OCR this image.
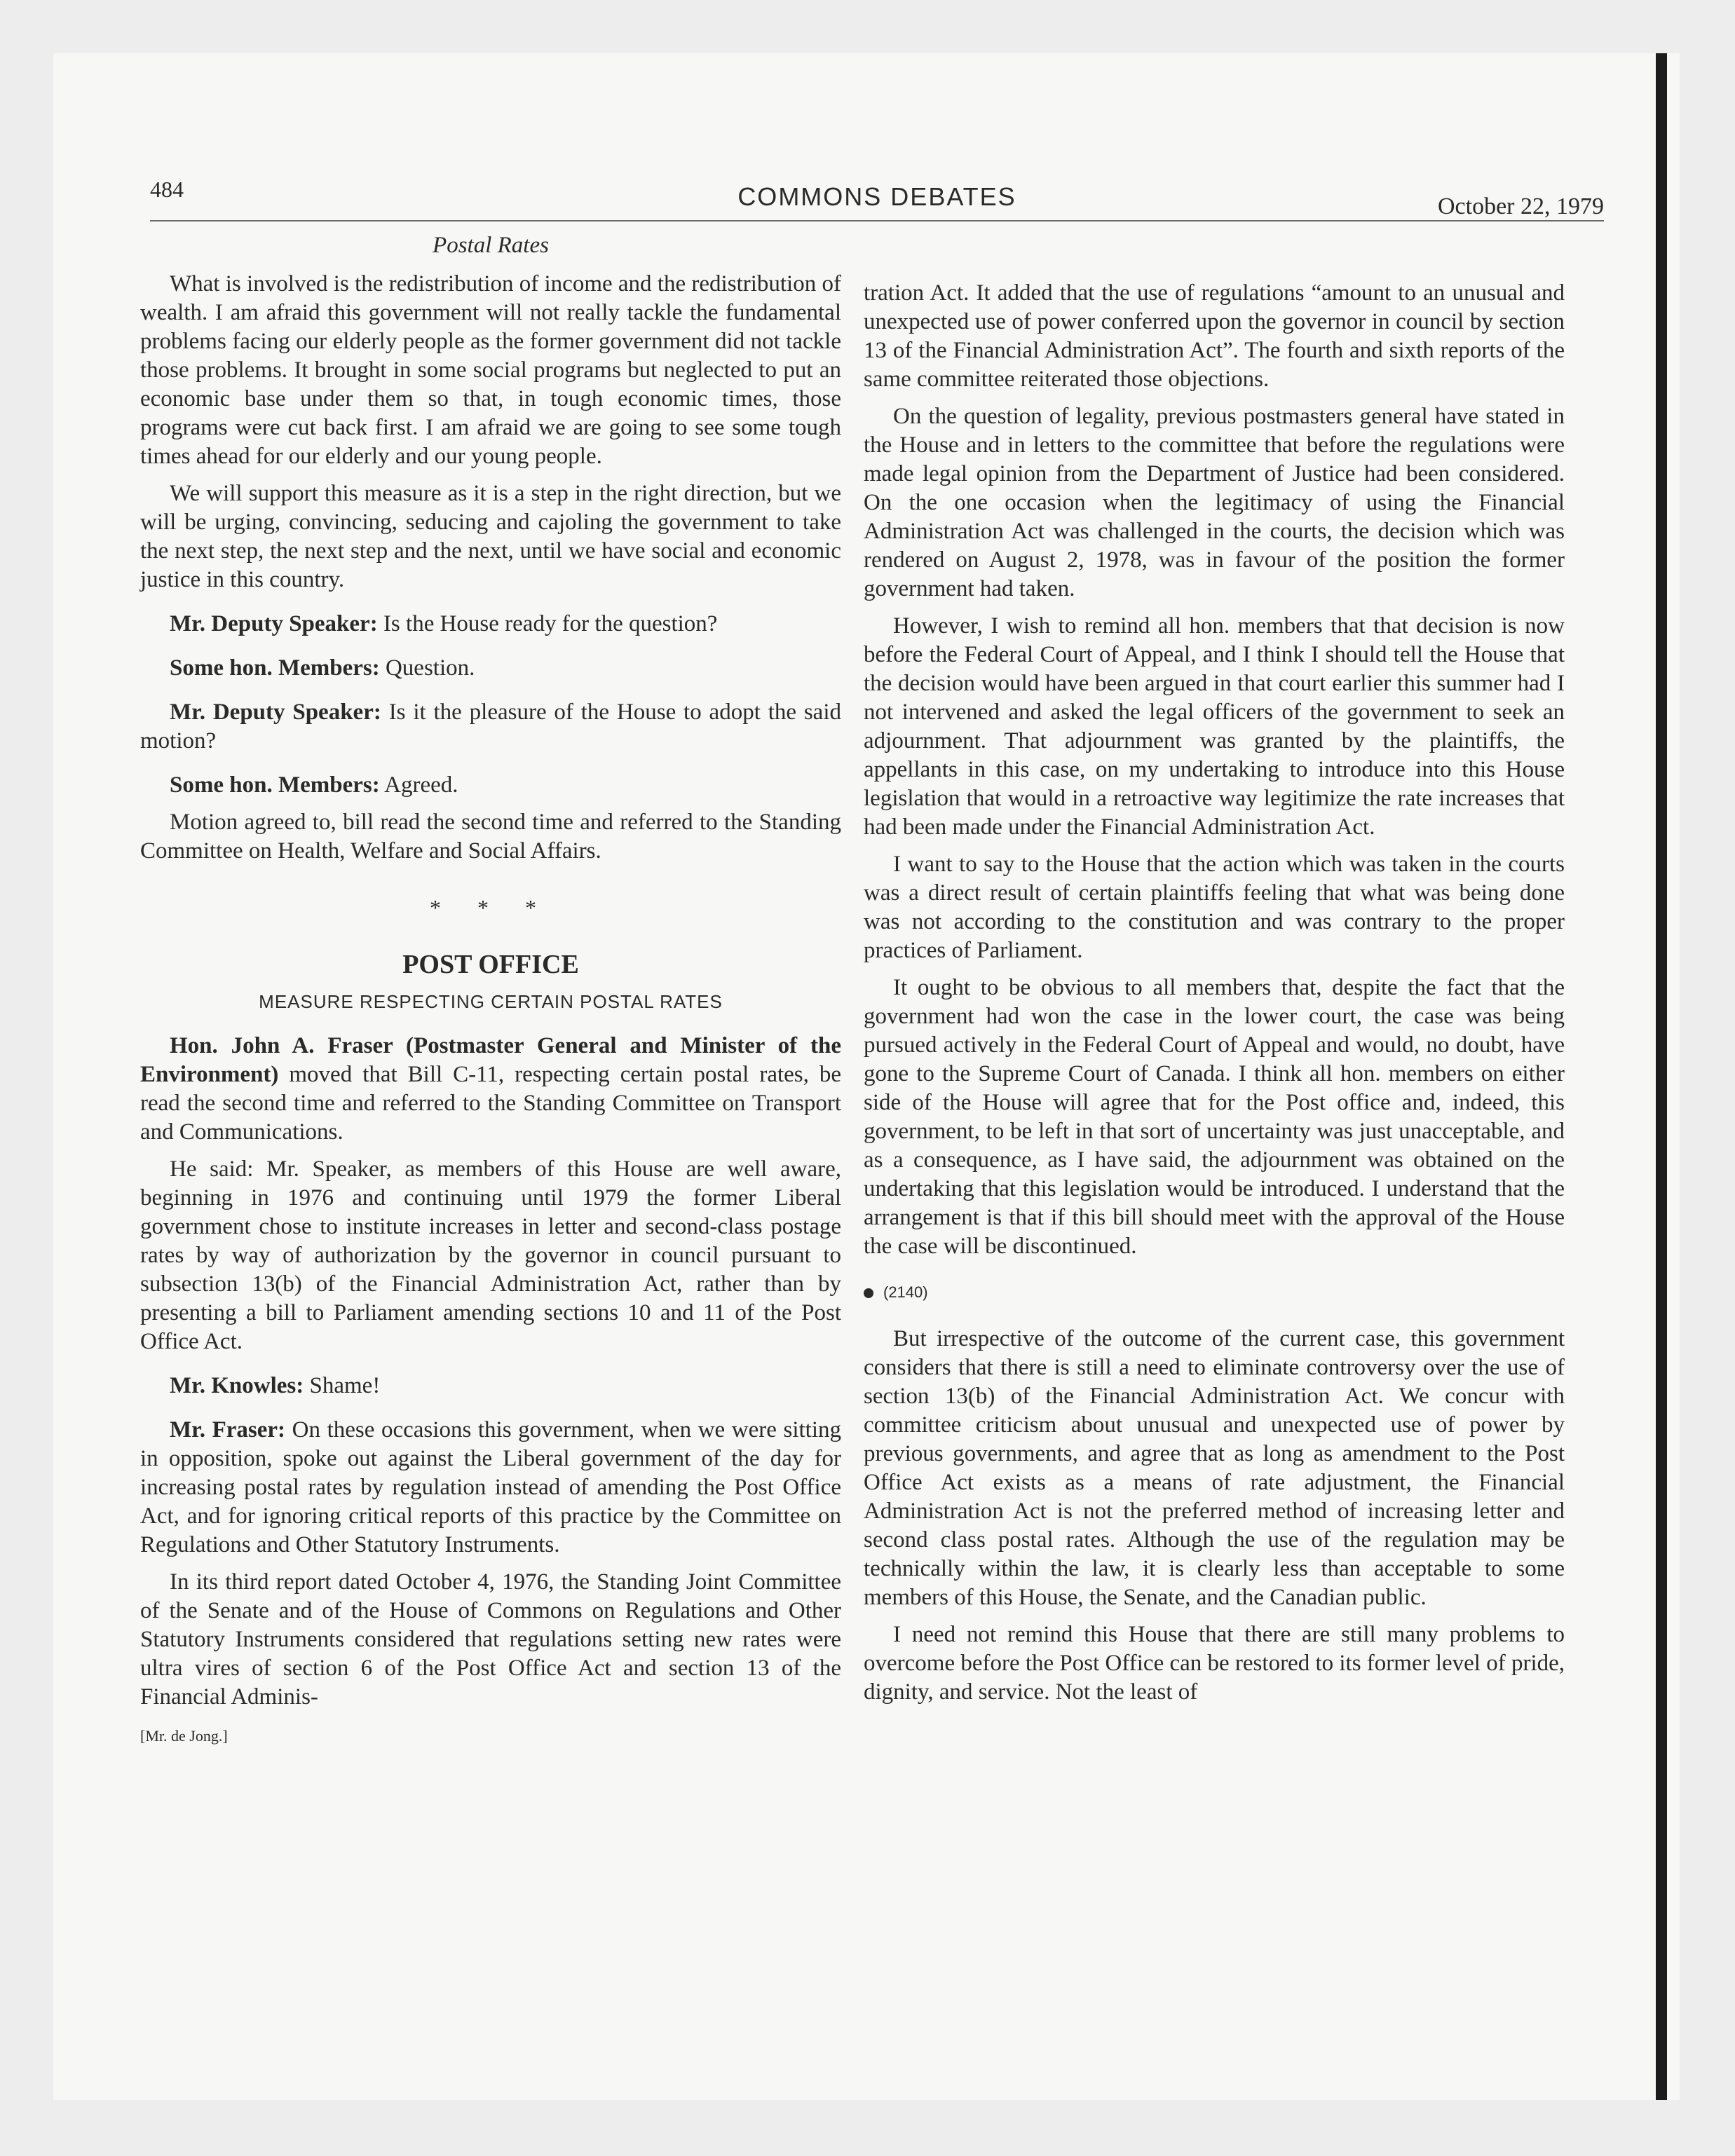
484	COMMONS DEBATES	October 22, 1979
Postal Rates

What is involved is the redistribution of income and the redistribution of wealth. I am afraid this government will not really tackle the fundamental problems facing our elderly people as the former government did not tackle those problems. It brought in some social programs but neglected to put an economic base under them so that, in tough economic times, those programs were cut back first. I am afraid we are going to see some tough times ahead for our elderly and our young people.

We will support this measure as it is a step in the right direction, but we will be urging, convincing, seducing and cajoling the government to take the next step, the next step and the next, until we have social and economic justice in this country.

Mr. Deputy Speaker: Is the House ready for the question?

Some hon. Members: Question.

Mr. Deputy Speaker: Is it the pleasure of the House to adopt the said motion?

Some hon. Members: Agreed.

Motion agreed to, bill read the second time and referred to the Standing Committee on Health, Welfare and Social Affairs.

* * *
POST OFFICE
MEASURE RESPECTING CERTAIN POSTAL RATES

Hon. John A. Fraser (Postmaster General and Minister of the Environment) moved that Bill C-11, respecting certain postal rates, be read the second time and referred to the Standing Committee on Transport and Communications.

He said: Mr. Speaker, as members of this House are well aware, beginning in 1976 and continuing until 1979 the former Liberal government chose to institute increases in letter and second-class postage rates by way of authorization by the governor in council pursuant to subsection 13(b) of the Financial Administration Act, rather than by presenting a bill to Parliament amending sections 10 and 11 of the Post Office Act.

Mr. Knowles: Shame!

Mr. Fraser: On these occasions this government, when we were sitting in opposition, spoke out against the Liberal government of the day for increasing postal rates by regulation instead of amending the Post Office Act, and for ignoring critical reports of this practice by the Committee on Regulations and Other Statutory Instruments.

In its third report dated October 4, 1976, the Standing Joint Committee of the Senate and of the House of Commons on Regulations and Other Statutory Instruments considered that regulations setting new rates were ultra vires of section 6 of the Post Office Act and section 13 of the Financial Adminis-

[Mr. de Jong.]

tration Act. It added that the use of regulations “amount to an unusual and unexpected use of power conferred upon the governor in council by section 13 of the Financial Administration Act”. The fourth and sixth reports of the same committee reiterated those objections.

On the question of legality, previous postmasters general have stated in the House and in letters to the committee that before the regulations were made legal opinion from the Department of Justice had been considered. On the one occasion when the legitimacy of using the Financial Administration Act was challenged in the courts, the decision which was rendered on August 2, 1978, was in favour of the position the former government had taken.

However, I wish to remind all hon. members that that decision is now before the Federal Court of Appeal, and I think I should tell the House that the decision would have been argued in that court earlier this summer had I not intervened and asked the legal officers of the government to seek an adjournment. That adjournment was granted by the plaintiffs, the appellants in this case, on my undertaking to introduce into this House legislation that would in a retroactive way legitimize the rate increases that had been made under the Financial Administration Act.

I want to say to the House that the action which was taken in the courts was a direct result of certain plaintiffs feeling that what was being done was not according to the constitution and was contrary to the proper practices of Parliament.

It ought to be obvious to all members that, despite the fact that the government had won the case in the lower court, the case was being pursued actively in the Federal Court of Appeal and would, no doubt, have gone to the Supreme Court of Canada. I think all hon. members on either side of the House will agree that for the Post office and, indeed, this government, to be left in that sort of uncertainty was just unacceptable, and as a consequence, as I have said, the adjournment was obtained on the undertaking that this legislation would be introduced. I understand that the arrangement is that if this bill should meet with the approval of the House the case will be discontinued.

(2140)

But irrespective of the outcome of the current case, this government considers that there is still a need to eliminate controversy over the use of section 13(b) of the Financial Administration Act. We concur with committee criticism about unusual and unexpected use of power by previous governments, and agree that as long as amendment to the Post Office Act exists as a means of rate adjustment, the Financial Administration Act is not the preferred method of increasing letter and second class postal rates. Although the use of the regulation may be technically within the law, it is clearly less than acceptable to some members of this House, the Senate, and the Canadian public.

I need not remind this House that there are still many problems to overcome before the Post Office can be restored to its former level of pride, dignity, and service. Not the least of
